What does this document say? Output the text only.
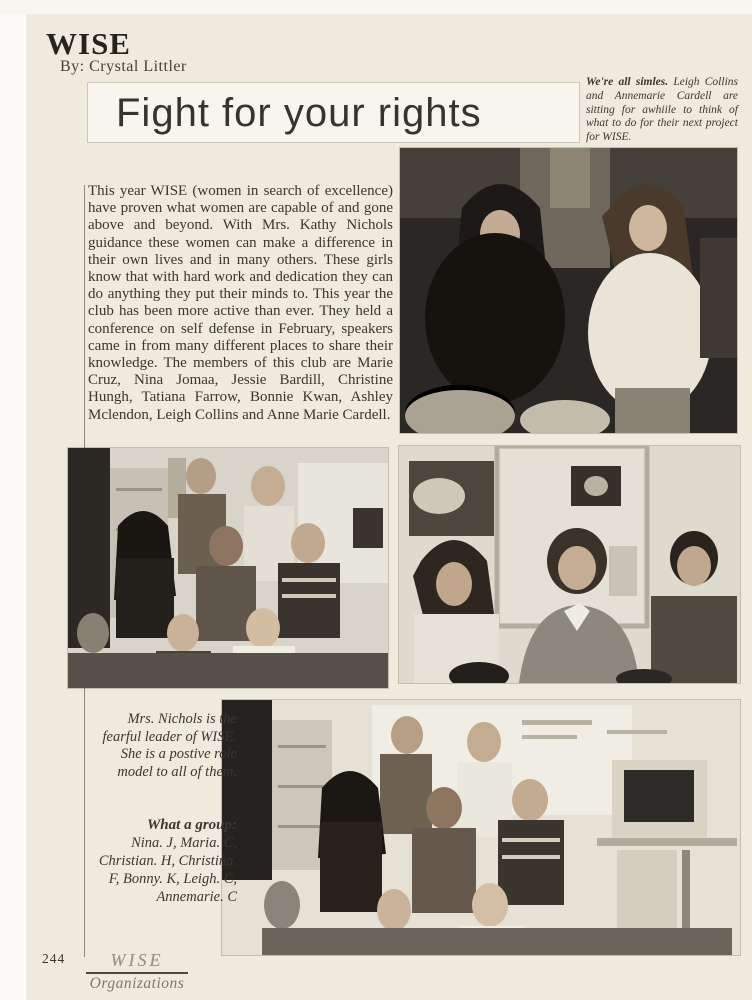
WISE
By: Crystal Littler
Fight for your rights
We're all simles. Leigh Collins and Annemarie Cardell are sitting for awhiile to think of what to do for their next project for WISE.
This year WISE (women in search of excellence) have proven what women are capable of and gone above and beyond. With Mrs. Kathy Nichols guidance these women can make a difference in their own lives and in many others. These girls know that with hard work and dedication they can do anything they put their minds to. This year the club has been more active than ever. They held a conference on self defense in February, speakers came in from many different places to share their knowledge. The members of this club are Marie Cruz, Nina Jomaa, Jessie Bardill, Christine Hungh, Tatiana Farrow, Bonnie Kwan, Ashley Mclendon, Leigh Collins and Anne Marie Cardell.
Mrs. Nichols is the fearful leader of WISE. She is a postive role model to all of them.
What a group:
Nina. J, Maria. C, Christian. H, Christina. F, Bonny. K, Leigh. C, Annemarie. C
244	WISE
Organizations
